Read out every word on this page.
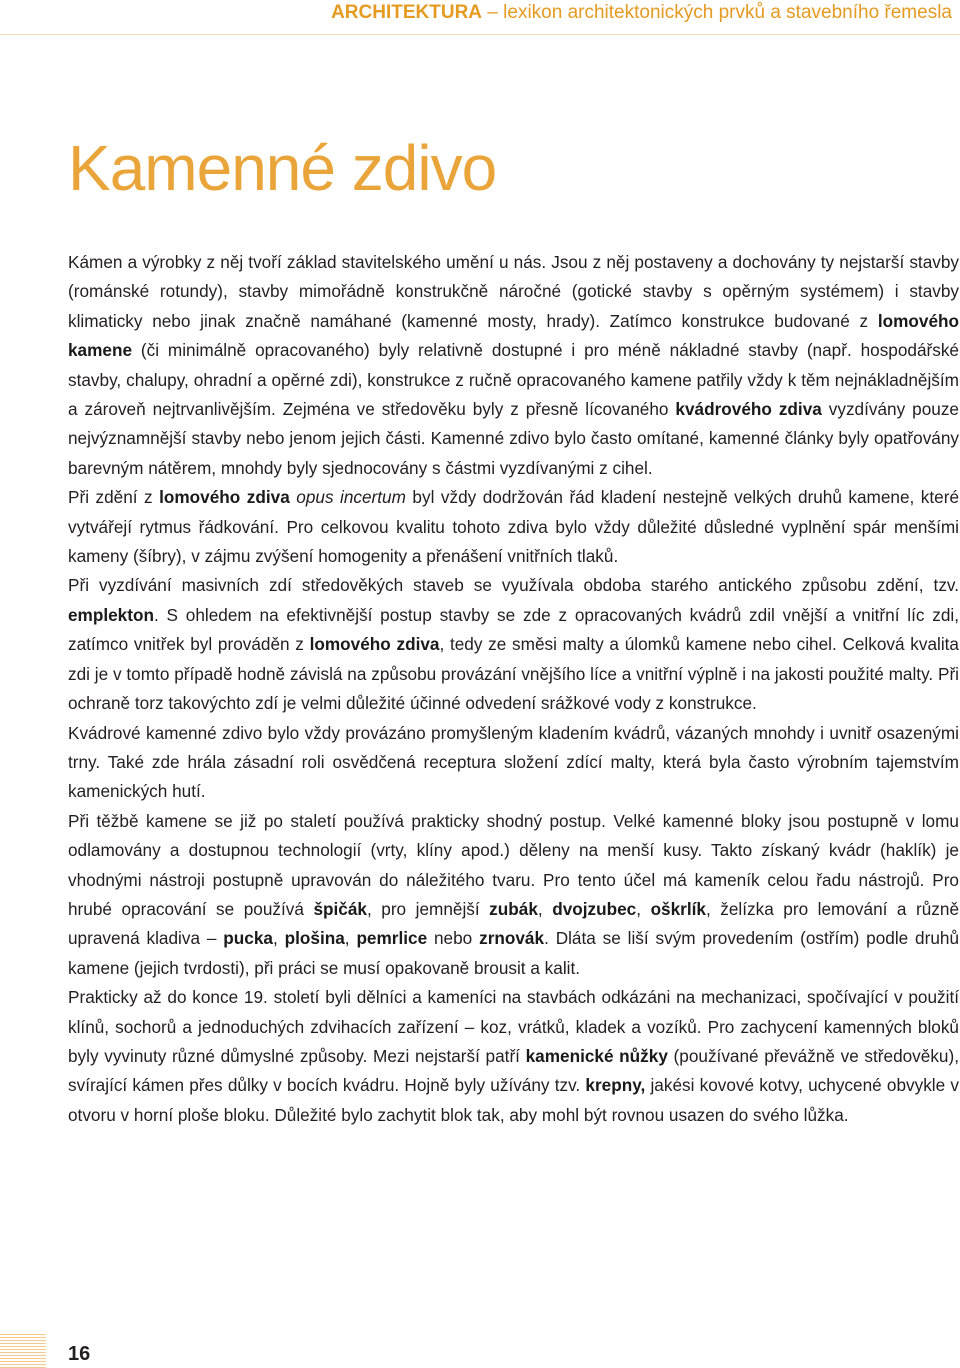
ARCHITEKTURA – lexikon architektonických prvků a stavebního řemesla
Kamenné zdivo

Kámen a výrobky z něj tvoří základ stavitelského umění u nás. Jsou z něj postaveny a dochovány ty nejstarší stavby (románské rotundy), stavby mimořádně konstrukčně náročné (gotické stavby s opěrným systémem) i stavby klimaticky nebo jinak značně namáhané (kamenné mosty, hrady). Zatímco konstrukce budované z lomového kamene (či minimálně opracovaného) byly relativně dostupné i pro méně nákladné stavby (např. hospodářské stavby, chalupy, ohradní a opěrné zdi), konstrukce z ručně opracovaného kamene patřily vždy k těm nejnákladnějším a zároveň nejtrvanlivějším. Zejména ve středověku byly z přesně lícovaného kvádrového zdiva vyzdívány pouze nejvýznamnější stavby nebo jenom jejich části. Kamenné zdivo bylo často omítané, kamenné články byly opatřovány barevným nátěrem, mnohdy byly sjednocovány s částmi vyzdívanými z cihel.

Při zdění z lomového zdiva opus incertum byl vždy dodržován řád kladení nestejně velkých druhů kamene, které vytvářejí rytmus řádkování. Pro celkovou kvalitu tohoto zdiva bylo vždy důležité důsledné vyplnění spár menšími kameny (šíbry), v zájmu zvýšení homogenity a přenášení vnitřních tlaků.

Při vyzdívání masivních zdí středověkých staveb se využívala obdoba starého antického způsobu zdění, tzv. emplekton. S ohledem na efektivnější postup stavby se zde z opracovaných kvádrů zdil vnější a vnitřní líc zdi, zatímco vnitřek byl prováděn z lomového zdiva, tedy ze směsi malty a úlomků kamene nebo cihel. Celková kvalita zdi je v tomto případě hodně závislá na způsobu provázání vnějšího líce a vnitřní výplně i na jakosti použité malty. Při ochraně torz takovýchto zdí je velmi důležité účinné odvedení srážkové vody z konstrukce.

Kvádrové kamenné zdivo bylo vždy provázáno promyšleným kladením kvádrů, vázaných mnohdy i uvnitř osazenými trny. Také zde hrála zásadní roli osvědčená receptura složení zdící malty, která byla často výrobním tajemstvím kamenických hutí.

Při těžbě kamene se již po staletí používá prakticky shodný postup. Velké kamenné bloky jsou postupně v lomu odlamovány a dostupnou technologií (vrty, klíny apod.) děleny na menší kusy. Takto získaný kvádr (haklík) je vhodnými nástroji postupně upravován do náležitého tvaru. Pro tento účel má kameník celou řadu nástrojů. Pro hrubé opracování se používá špičák, pro jemnější zubák, dvojzubec, oškrlík, želízka pro lemování a různě upravená kladiva – pucka, plošina, pemrlice nebo zrnovák. Dláta se liší svým provedením (ostřím) podle druhů kamene (jejich tvrdosti), při práci se musí opakovaně brousit a kalit.

Prakticky až do konce 19. století byli dělníci a kameníci na stavbách odkázáni na mechanizaci, spočívající v použití klínů, sochorů a jednoduchých zdvihacích zařízení – koz, vrátků, kladek a vozíků. Pro zachycení kamenných bloků byly vyvinuty různé důmyslné způsoby. Mezi nejstarší patří kamenické nůžky (používané převážně ve středověku), svírající kámen přes důlky v bocích kvádru. Hojně byly užívány tzv. krepny, jakési kovové kotvy, uchycené obvykle v otvoru v horní ploše bloku. Důležité bylo zachytit blok tak, aby mohl být rovnou usazen do svého lůžka.

16
